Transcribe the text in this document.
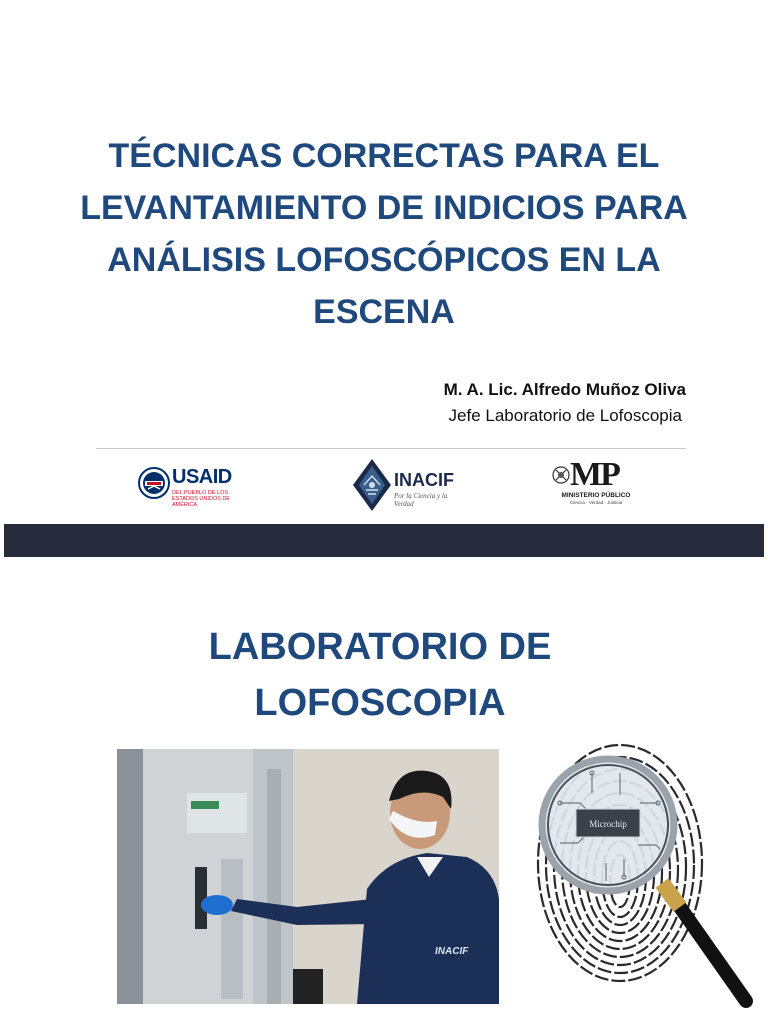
TÉCNICAS CORRECTAS PARA EL LEVANTAMIENTO DE INDICIOS PARA ANÁLISIS LOFOSCÓPICOS EN LA ESCENA
M. A. Lic. Alfredo Muñoz Oliva
Jefe Laboratorio de Lofoscopia
USAID
DEL PUEBLO DE LOS ESTADOS UNIDOS DE AMÉRICA
INACIF
Por la Ciencia y la Verdad
MP
MINISTERIO PÚBLICO
Ciencia · Verdad · Justicia
LABORATORIO DE LOFOSCOPIA
INACIF
Microchip
